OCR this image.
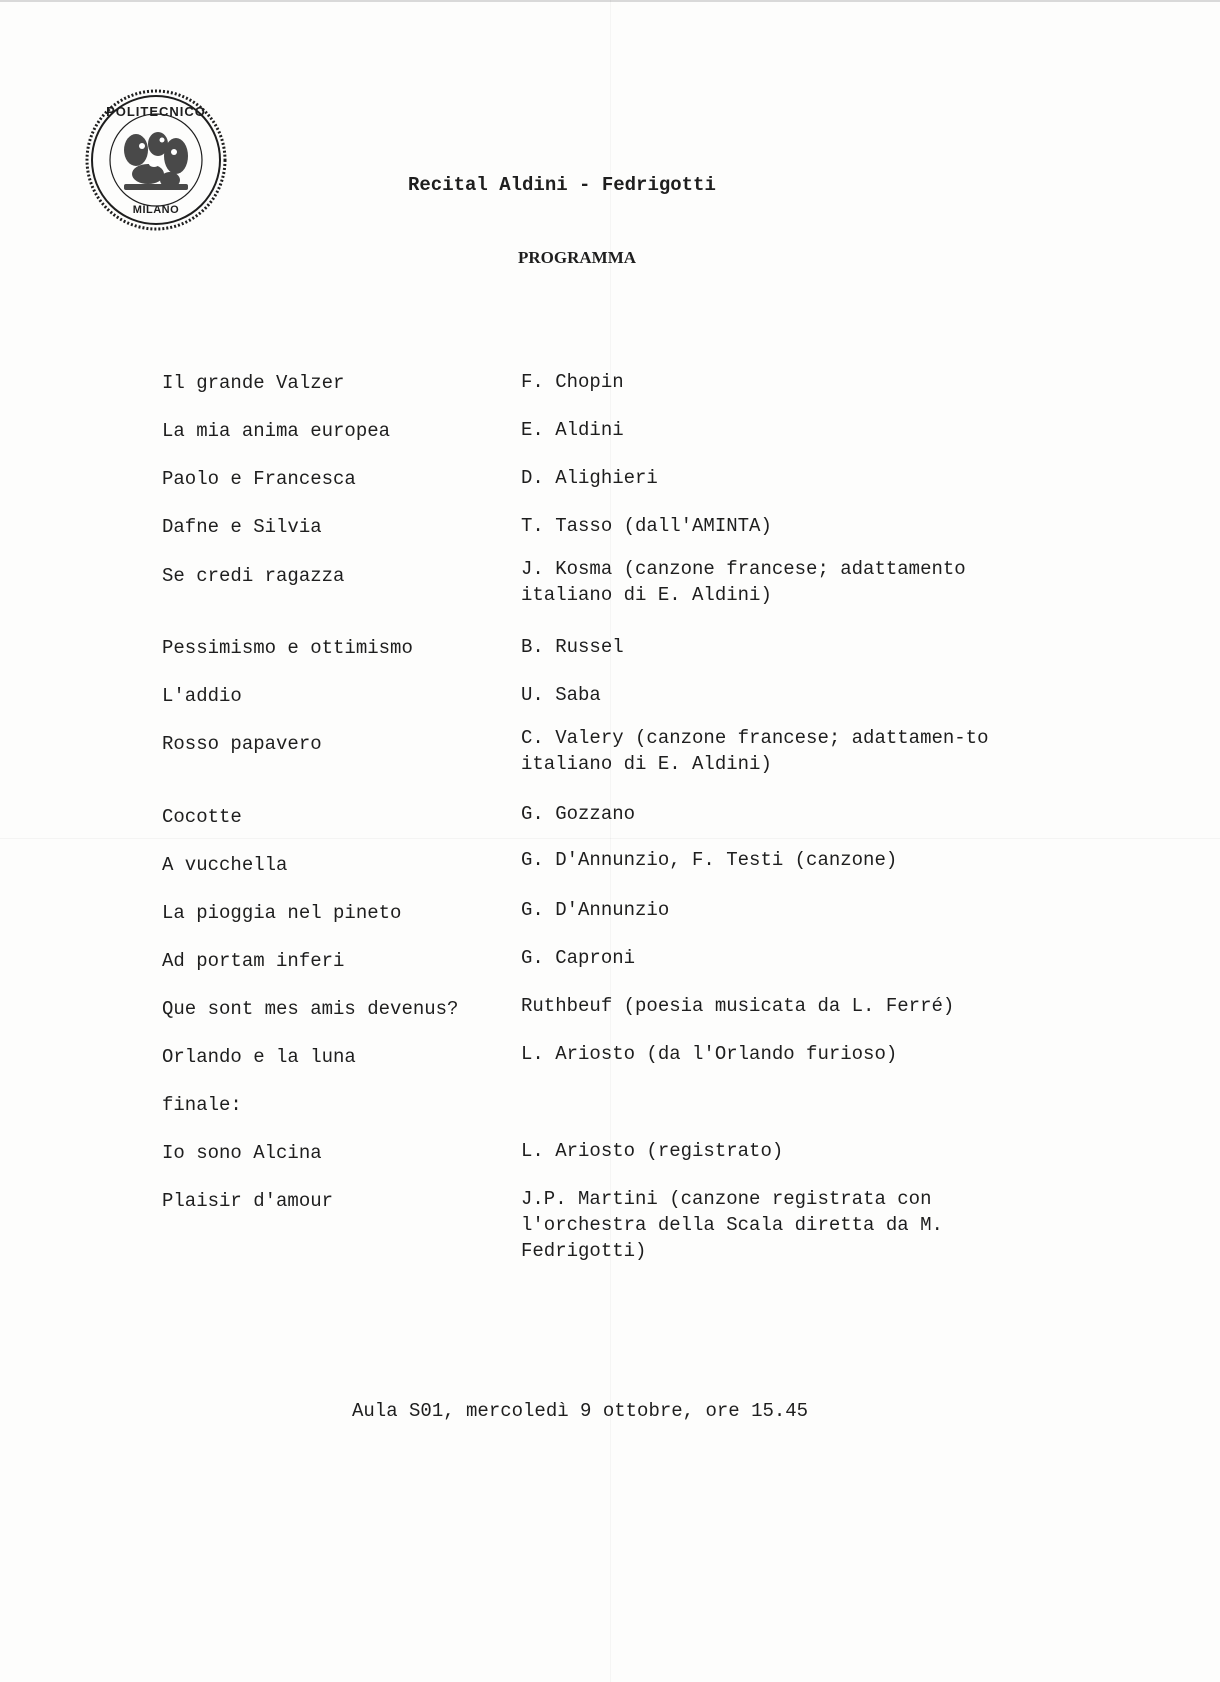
POLITECNICO
MILANO
Recital Aldini - Fedrigotti
PROGRAMMA
Il grande Valzer	F. Chopin
La mia anima europea	E. Aldini
Paolo e Francesca	D. Alighieri
Dafne e Silvia	T. Tasso (dall'AMINTA)
Se credi ragazza	J. Kosma (canzone francese; adattamento italiano di E. Aldini)
Pessimismo e ottimismo	B. Russel
L'addio	U. Saba
Rosso papavero	C. Valery (canzone francese; adattamen-to italiano di E. Aldini)
Cocotte	G. Gozzano
A vucchella	G. D'Annunzio, F. Testi (canzone)
La pioggia nel pineto	G. D'Annunzio
Ad portam inferi	G. Caproni
Que sont mes amis devenus?	Ruthbeuf (poesia musicata da L. Ferré)
Orlando e la luna	L. Ariosto (da l'Orlando furioso)
finale:
Io sono Alcina	L. Ariosto (registrato)
Plaisir d'amour	J.P. Martini (canzone registrata con l'orchestra della Scala diretta da M. Fedrigotti)
Aula S01, mercoledì 9 ottobre, ore 15.45
